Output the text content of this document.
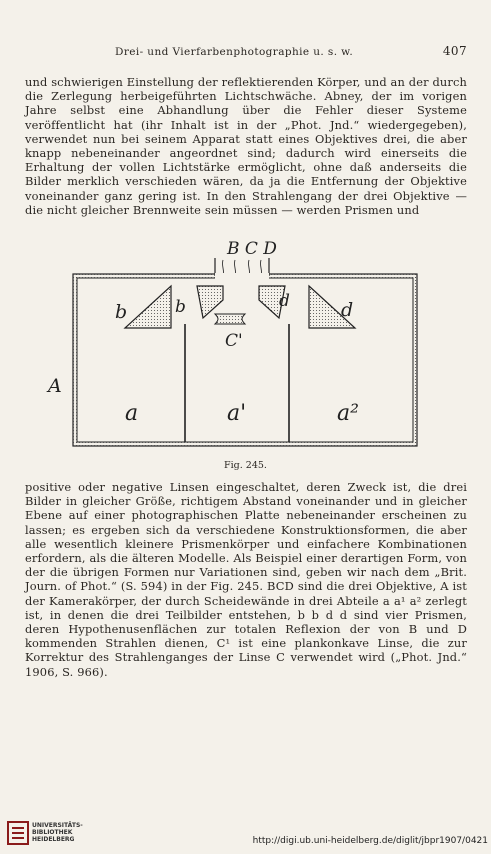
Drei- und Vierfarbenphotographie u. s. w.	407

und schwierigen Einstellung der reflektierenden Körper, und an der durch die Zerlegung herbeigeführten Lichtschwäche. Abney, der im vorigen Jahre selbst eine Abhandlung über die Fehler dieser Systeme veröffentlicht hat (ihr Inhalt ist in der „Phot. Jnd.“ wiedergegeben), verwendet nun bei seinem Apparat statt eines Objektives drei, die aber knapp nebeneinander angeordnet sind; dadurch wird einerseits die Erhaltung der vollen Lichtstärke ermöglicht, ohne daß anderseits die Bilder merklich verschieden wären, da ja die Entfernung der Objektive voneinander ganz gering ist. In den Strahlengang der drei Objektive — die nicht gleicher Brennweite sein müssen — werden Prismen und

B C D
b	b	d	d
C'
A
a	a'	a²
Fig. 245.

positive oder negative Linsen eingeschaltet, deren Zweck ist, die drei Bilder in gleicher Größe, richtigem Abstand voneinander und in gleicher Ebene auf einer photographischen Platte nebeneinander erscheinen zu lassen; es ergeben sich da verschiedene Konstruktionsformen, die aber alle wesentlich kleinere Prismenkörper und einfachere Kombinationen erfordern, als die älteren Modelle. Als Beispiel einer derartigen Form, von der die übrigen Formen nur Variationen sind, geben wir nach dem „Brit. Journ. of Phot.“ (S. 594) in der Fig. 245. BCD sind die drei Objektive, A ist der Kamerakörper, der durch Scheidewände in drei Abteile a a¹ a² zerlegt ist, in denen die drei Teilbilder entstehen, b b d d sind vier Prismen, deren Hypothenusenflächen zur totalen Reflexion der von B und D kommenden Strahlen dienen, C¹ ist eine plankonkave Linse, die zur Korrektur des Strahlenganges der Linse C verwendet wird („Phot. Jnd.“ 1906, S. 966).

UNIVERSITÄTS-
BIBLIOTHEK
HEIDELBERG	http://digi.ub.uni-heidelberg.de/diglit/jbpr1907/0421
